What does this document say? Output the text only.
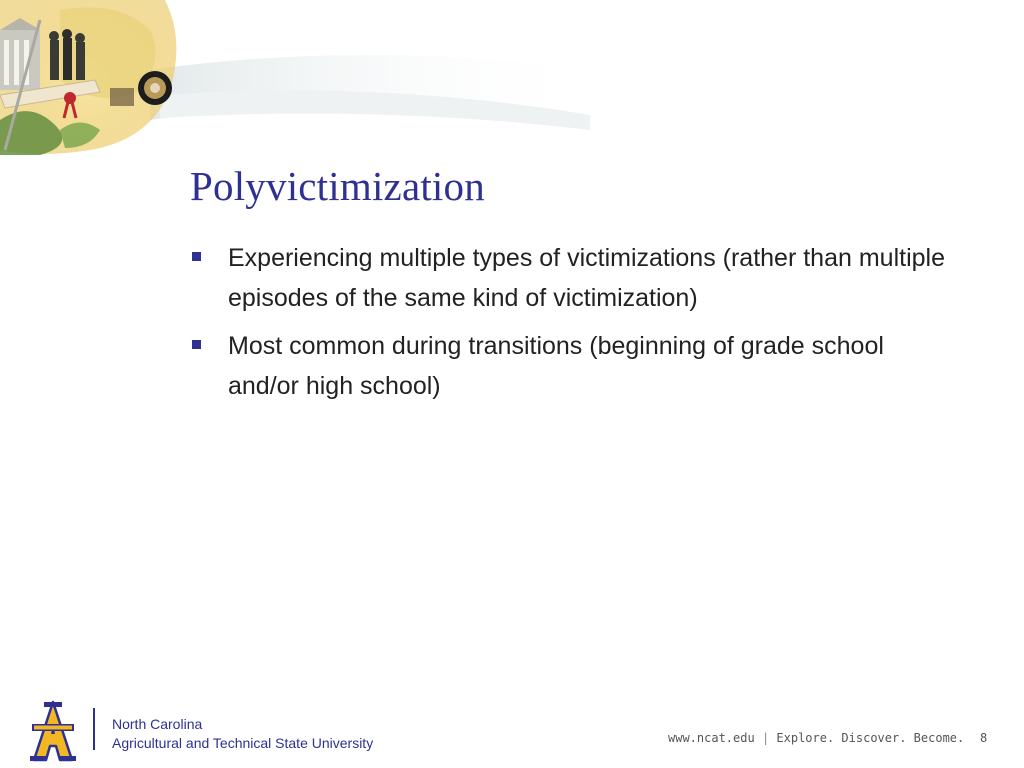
Polyvictimization
Experiencing multiple types of victimizations (rather than multiple episodes of the same kind of victimization)
Most common during transitions (beginning of grade school and/or high school)
North Carolina
Agricultural and Technical State University	www.ncat.edu | Explore. Discover. Become. 8
